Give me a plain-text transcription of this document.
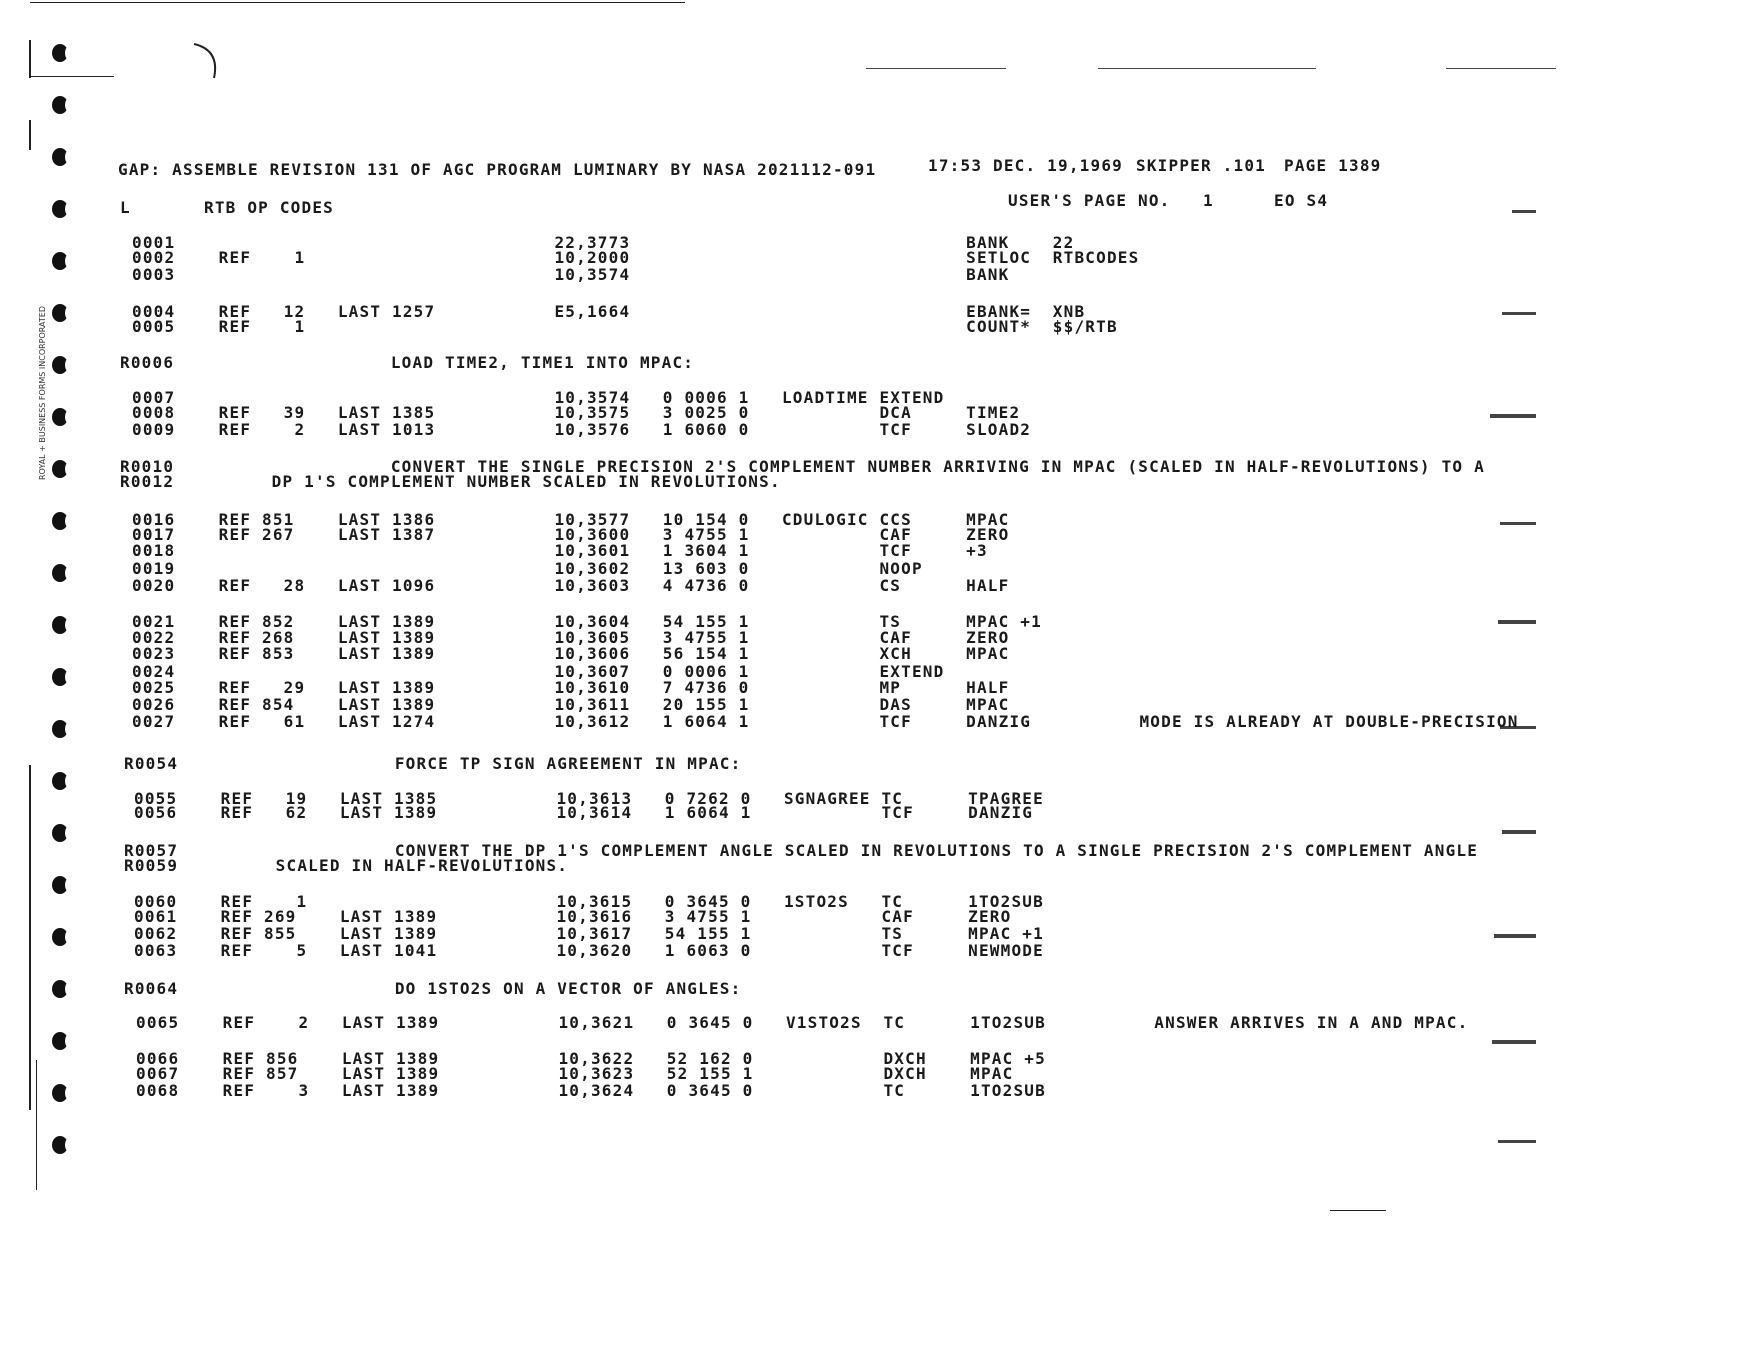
ROYAL + BUSINESS FORMS INCORPORATED
GAP: ASSEMBLE REVISION 131 OF AGC PROGRAM LUMINARY BY NASA 2021112-091	17:53 DEC. 19,1969 SKIPPER .101 PAGE 1389
L	RTB OP CODES	USER'S PAGE NO.   1	EO S4
0001                                   22,3773                               BANK    22
0002    REF    1                       10,2000                               SETLOC  RTBCODES
0003                                   10,3574                               BANK
0004    REF   12   LAST 1257           E5,1664                               EBANK=  XNB
0005    REF    1                                                             COUNT*  $$/RTB
R0006                    LOAD TIME2, TIME1 INTO MPAC:
0007                                   10,3574   0 0006 1   LOADTIME EXTEND
0008    REF   39   LAST 1385           10,3575   3 0025 0            DCA     TIME2
0009    REF    2   LAST 1013           10,3576   1 6060 0            TCF     SLOAD2
R0010                    CONVERT THE SINGLE PRECISION 2'S COMPLEMENT NUMBER ARRIVING IN MPAC (SCALED IN HALF-REVOLUTIONS) TO A
R0012         DP 1'S COMPLEMENT NUMBER SCALED IN REVOLUTIONS.
0016    REF 851    LAST 1386           10,3577   10 154 0   CDULOGIC CCS     MPAC
0017    REF 267    LAST 1387           10,3600   3 4755 1            CAF     ZERO
0018                                   10,3601   1 3604 1            TCF     +3
0019                                   10,3602   13 603 0            NOOP
0020    REF   28   LAST 1096           10,3603   4 4736 0            CS      HALF
0021    REF 852    LAST 1389           10,3604   54 155 1            TS      MPAC +1
0022    REF 268    LAST 1389           10,3605   3 4755 1            CAF     ZERO
0023    REF 853    LAST 1389           10,3606   56 154 1            XCH     MPAC
0024                                   10,3607   0 0006 1            EXTEND
0025    REF   29   LAST 1389           10,3610   7 4736 0            MP      HALF
0026    REF 854    LAST 1389           10,3611   20 155 1            DAS     MPAC
0027    REF   61   LAST 1274           10,3612   1 6064 1            TCF     DANZIG          MODE IS ALREADY AT DOUBLE-PRECISION
R0054                    FORCE TP SIGN AGREEMENT IN MPAC:
0055    REF   19   LAST 1385           10,3613   0 7262 0   SGNAGREE TC      TPAGREE
0056    REF   62   LAST 1389           10,3614   1 6064 1            TCF     DANZIG
R0057                    CONVERT THE DP 1'S COMPLEMENT ANGLE SCALED IN REVOLUTIONS TO A SINGLE PRECISION 2'S COMPLEMENT ANGLE
R0059         SCALED IN HALF-REVOLUTIONS.
0060    REF    1                       10,3615   0 3645 0   1STO2S   TC      1TO2SUB
0061    REF 269    LAST 1389           10,3616   3 4755 1            CAF     ZERO
0062    REF 855    LAST 1389           10,3617   54 155 1            TS      MPAC +1
0063    REF    5   LAST 1041           10,3620   1 6063 0            TCF     NEWMODE
R0064                    DO 1STO2S ON A VECTOR OF ANGLES:
0065    REF    2   LAST 1389           10,3621   0 3645 0   V1STO2S  TC      1TO2SUB          ANSWER ARRIVES IN A AND MPAC.
0066    REF 856    LAST 1389           10,3622   52 162 0            DXCH    MPAC +5
0067    REF 857    LAST 1389           10,3623   52 155 1            DXCH    MPAC
0068    REF    3   LAST 1389           10,3624   0 3645 0            TC      1TO2SUB
